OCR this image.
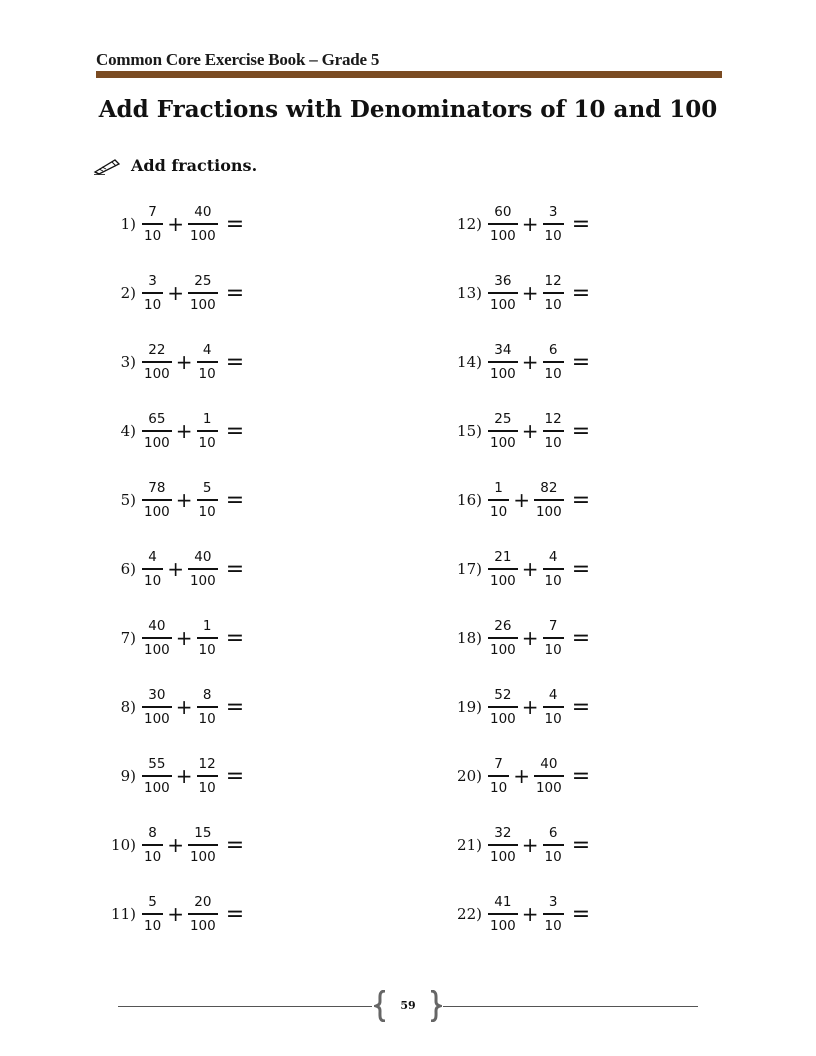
Common Core Exercise Book – Grade 5
Add Fractions with Denominators of 10 and 100
Add fractions.
$1) \frac{7}{10} + \frac{40}{100}$ =
$2) \frac{3}{10} + \frac{25}{100}$ =
$3) \frac{22}{100} + \frac{4}{10}$ =
$4) \frac{65}{100} + \frac{1}{10}$ =
$5) \frac{78}{100} + \frac{5}{10}$ =
$6) \frac{4}{10} + \frac{40}{100}$ =
$7) \frac{40}{100} + \frac{1}{10}$ =
$8) \frac{30}{100} + \frac{8}{10}$ =
$9) \frac{55}{100} + \frac{12}{10}$ =
$10) \frac{8}{10} + \frac{15}{100}$ =
$11) \frac{5}{10} + \frac{20}{100}$ =
$12) \frac{60}{100} + \frac{3}{10}$ =
$13) \frac{36}{100} + \frac{12}{10}$ =
$14) \frac{34}{100} + \frac{6}{10}$ =
$15) \frac{25}{100} + \frac{12}{10}$ =
$16) \frac{1}{10} + \frac{82}{100}$ =
$17) \frac{21}{100} + \frac{4}{10}$ =
$18) \frac{26}{100} + \frac{7}{10}$ =
$19) \frac{52}{100} + \frac{4}{10}$ =
$20) \frac{7}{10} + \frac{40}{100}$ =
$21) \frac{32}{100} + \frac{6}{10}$ =
$22) \frac{41}{100} + \frac{3}{10}$ =
59
